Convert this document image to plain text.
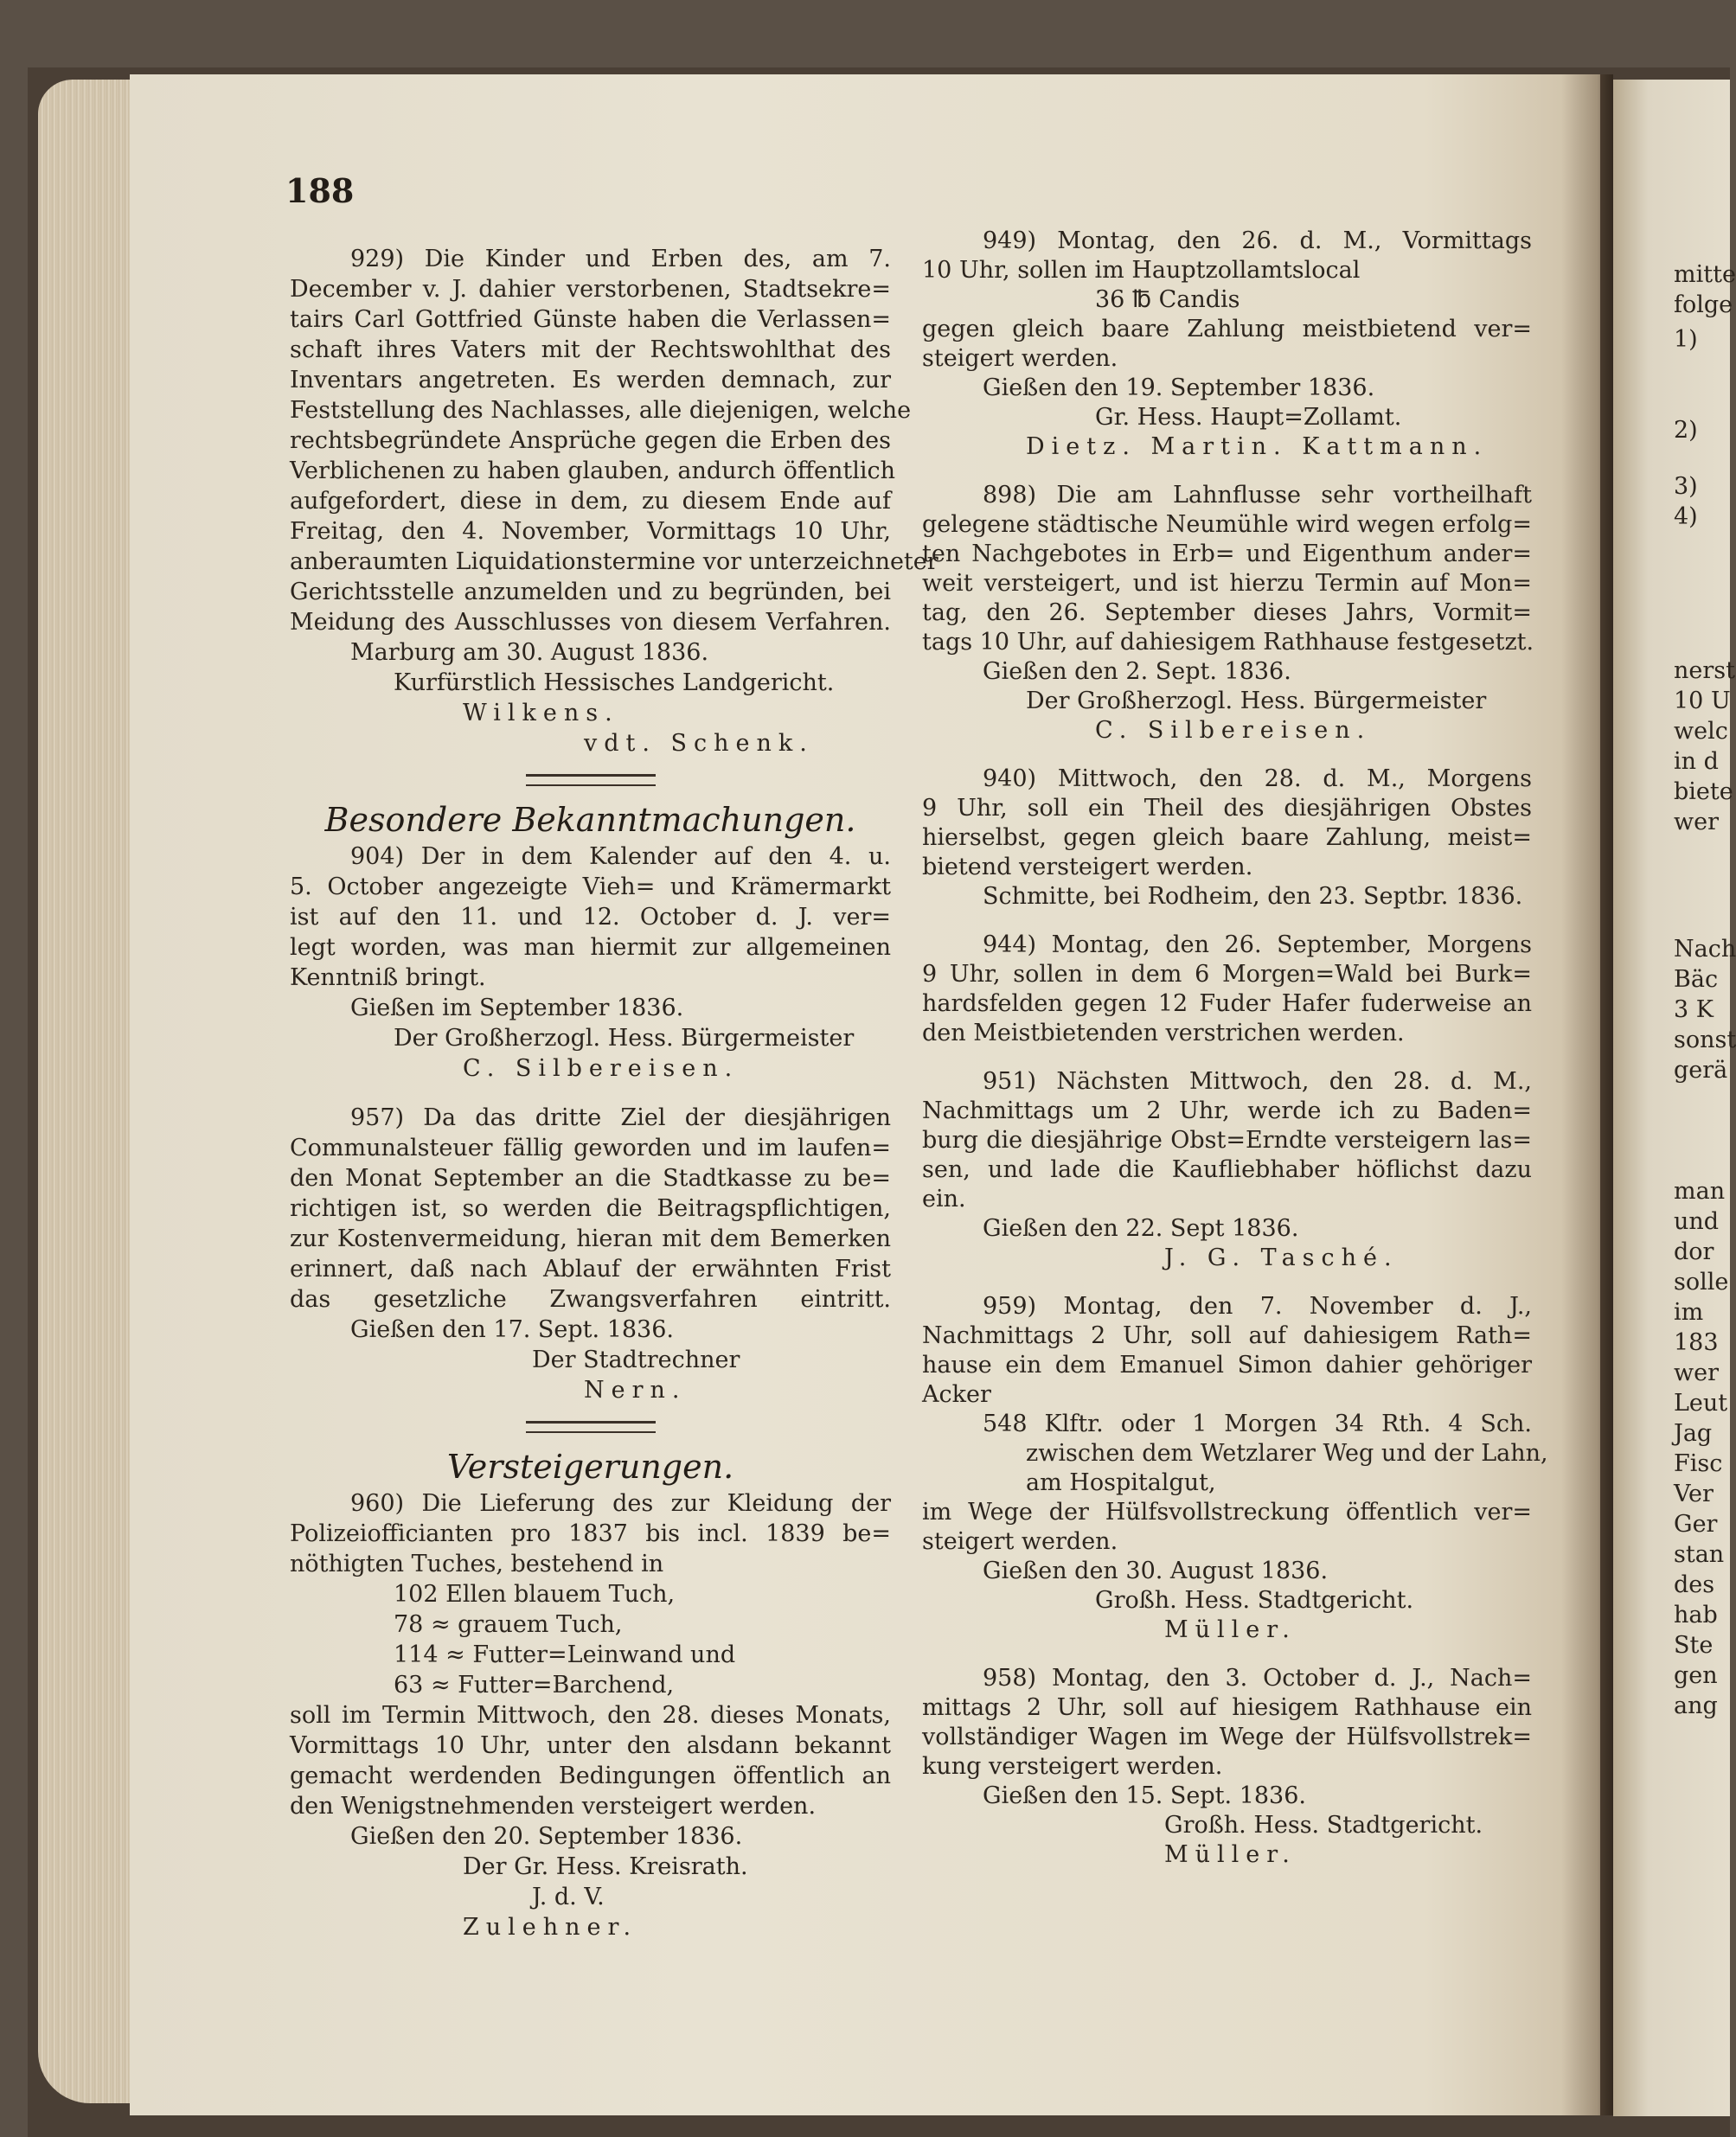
mitte
folge
1)
2)
3)
4)
nerst
10 U
welc
in d
biete
wer
Nach
Bäc
3 K
sonst
gerä
man
und
dor
solle
im
183
wer
Leut
Jag
Fisc
Ver
Ger
stan
des
hab
Ste
gen
ang
188
929) Die Kinder und Erben des, am 7.
December v. J. dahier verstorbenen, Stadtsekre=
tairs Carl Gottfried Günste haben die Verlassen=
schaft ihres Vaters mit der Rechtswohlthat des
Inventars angetreten. Es werden demnach, zur
Feststellung des Nachlasses, alle diejenigen, welche
rechtsbegründete Ansprüche gegen die Erben des
Verblichenen zu haben glauben, andurch öffentlich
aufgefordert, diese in dem, zu diesem Ende auf
Freitag, den 4. November, Vormittags 10 Uhr,
anberaumten Liquidationstermine vor unterzeichneter
Gerichtsstelle anzumelden und zu begründen, bei
Meidung des Ausschlusses von diesem Verfahren.
Marburg am 30. August 1836.
Kurfürstlich Hessisches Landgericht.
Wilkens.
vdt. Schenk.
Besondere Bekanntmachungen.
904) Der in dem Kalender auf den 4. u.
5. October angezeigte Vieh= und Krämermarkt
ist auf den 11. und 12. October d. J. ver=
legt worden, was man hiermit zur allgemeinen
Kenntniß bringt.
Gießen im September 1836.
Der Großherzogl. Hess. Bürgermeister
C. Silbereisen.
957) Da das dritte Ziel der diesjährigen
Communalsteuer fällig geworden und im laufen=
den Monat September an die Stadtkasse zu be=
richtigen ist, so werden die Beitragspflichtigen,
zur Kostenvermeidung, hieran mit dem Bemerken
erinnert, daß nach Ablauf der erwähnten Frist
das gesetzliche Zwangsverfahren eintritt.
Gießen den 17. Sept. 1836.
Der Stadtrechner
Nern.
Versteigerungen.
960) Die Lieferung des zur Kleidung der
Polizeiofficianten pro 1837 bis incl. 1839 be=
nöthigten Tuches, bestehend in
102 Ellen blauem Tuch,
78 ≈ grauem Tuch,
114 ≈ Futter=Leinwand und
63 ≈ Futter=Barchend,
soll im Termin Mittwoch, den 28. dieses Monats,
Vormittags 10 Uhr, unter den alsdann bekannt
gemacht werdenden Bedingungen öffentlich an
den Wenigstnehmenden versteigert werden.
Gießen den 20. September 1836.
Der Gr. Hess. Kreisrath.
J. d. V.
Zulehner.
949) Montag, den 26. d. M., Vormittags
10 Uhr, sollen im Hauptzollamtslocal
36 ℔ Candis
gegen gleich baare Zahlung meistbietend ver=
steigert werden.
Gießen den 19. September 1836.
Gr. Hess. Haupt=Zollamt.
Dietz. Martin. Kattmann.
898) Die am Lahnflusse sehr vortheilhaft
gelegene städtische Neumühle wird wegen erfolg=
ten Nachgebotes in Erb= und Eigenthum ander=
weit versteigert, und ist hierzu Termin auf Mon=
tag, den 26. September dieses Jahrs, Vormit=
tags 10 Uhr, auf dahiesigem Rathhause festgesetzt.
Gießen den 2. Sept. 1836.
Der Großherzogl. Hess. Bürgermeister
C. Silbereisen.
940) Mittwoch, den 28. d. M., Morgens
9 Uhr, soll ein Theil des diesjährigen Obstes
hierselbst, gegen gleich baare Zahlung, meist=
bietend versteigert werden.
Schmitte, bei Rodheim, den 23. Septbr. 1836.
944) Montag, den 26. September, Morgens
9 Uhr, sollen in dem 6 Morgen=Wald bei Burk=
hardsfelden gegen 12 Fuder Hafer fuderweise an
den Meistbietenden verstrichen werden.
951) Nächsten Mittwoch, den 28. d. M.,
Nachmittags um 2 Uhr, werde ich zu Baden=
burg die diesjährige Obst=Erndte versteigern las=
sen, und lade die Kaufliebhaber höflichst dazu
ein.
Gießen den 22. Sept 1836.
J. G. Tasché.
959) Montag, den 7. November d. J.,
Nachmittags 2 Uhr, soll auf dahiesigem Rath=
hause ein dem Emanuel Simon dahier gehöriger
Acker
548 Klftr. oder 1 Morgen 34 Rth. 4 Sch.
zwischen dem Wetzlarer Weg und der Lahn,
am Hospitalgut,
im Wege der Hülfsvollstreckung öffentlich ver=
steigert werden.
Gießen den 30. August 1836.
Großh. Hess. Stadtgericht.
Müller.
958) Montag, den 3. October d. J., Nach=
mittags 2 Uhr, soll auf hiesigem Rathhause ein
vollständiger Wagen im Wege der Hülfsvollstrek=
kung versteigert werden.
Gießen den 15. Sept. 1836.
Großh. Hess. Stadtgericht.
Müller.
